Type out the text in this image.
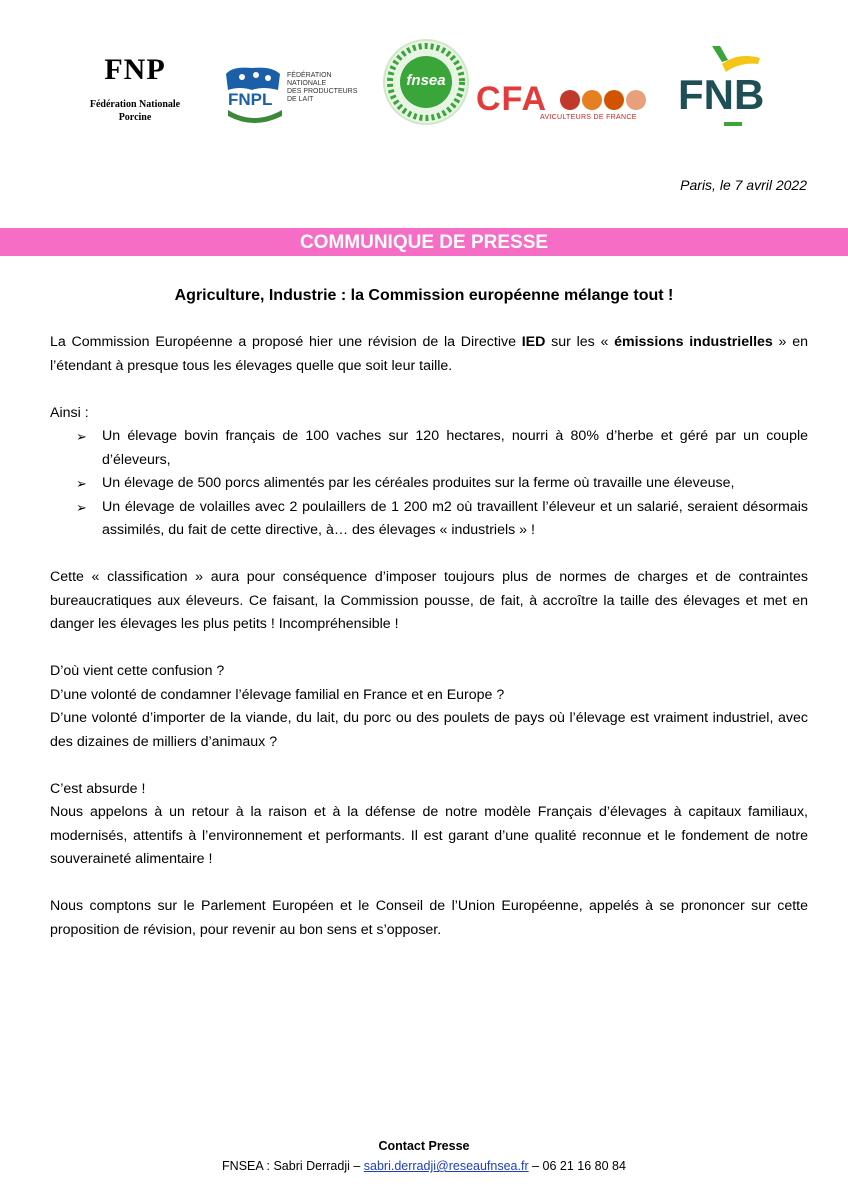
FNP
Fédération Nationale
Porcine
FNPL
FÉDÉRATION
NATIONALE
DES PRODUCTEURS
DE LAIT
fnsea CFA
AVICULTEURS DE FRANCE FNB
Paris, le 7 avril 2022
COMMUNIQUE DE PRESSE
Agriculture, Industrie : la Commission européenne mélange tout !

La Commission Européenne a proposé hier une révision de la Directive IED sur les « émissions industrielles » en l’étendant à presque tous les élevages quelle que soit leur taille.

Ainsi :

➢ Un élevage bovin français de 100 vaches sur 120 hectares, nourri à 80% d’herbe et géré par un couple d’éleveurs,
➢ Un élevage de 500 porcs alimentés par les céréales produites sur la ferme où travaille une éleveuse,
➢ Un élevage de volailles avec 2 poulaillers de 1 200 m2 où travaillent l’éleveur et un salarié, seraient désormais assimilés, du fait de cette directive, à… des élevages « industriels » !

Cette « classification » aura pour conséquence d’imposer toujours plus de normes de charges et de contraintes bureaucratiques aux éleveurs. Ce faisant, la Commission pousse, de fait, à accroître la taille des élevages et met en danger les élevages les plus petits ! Incompréhensible !

D’où vient cette confusion ?

D’une volonté de condamner l’élevage familial en France et en Europe ?

D’une volonté d’importer de la viande, du lait, du porc ou des poulets de pays où l’élevage est vraiment industriel, avec des dizaines de milliers d’animaux ?

C’est absurde !

Nous appelons à un retour à la raison et à la défense de notre modèle Français d’élevages à capitaux familiaux, modernisés, attentifs à l’environnement et performants. Il est garant d’une qualité reconnue et le fondement de notre souveraineté alimentaire !

Nous comptons sur le Parlement Européen et le Conseil de l’Union Européenne, appelés à se prononcer sur cette proposition de révision, pour revenir au bon sens et s’opposer.

Contact Presse
FNSEA : Sabri Derradji – sabri.derradji@reseaufnsea.fr – 06 21 16 80 84
